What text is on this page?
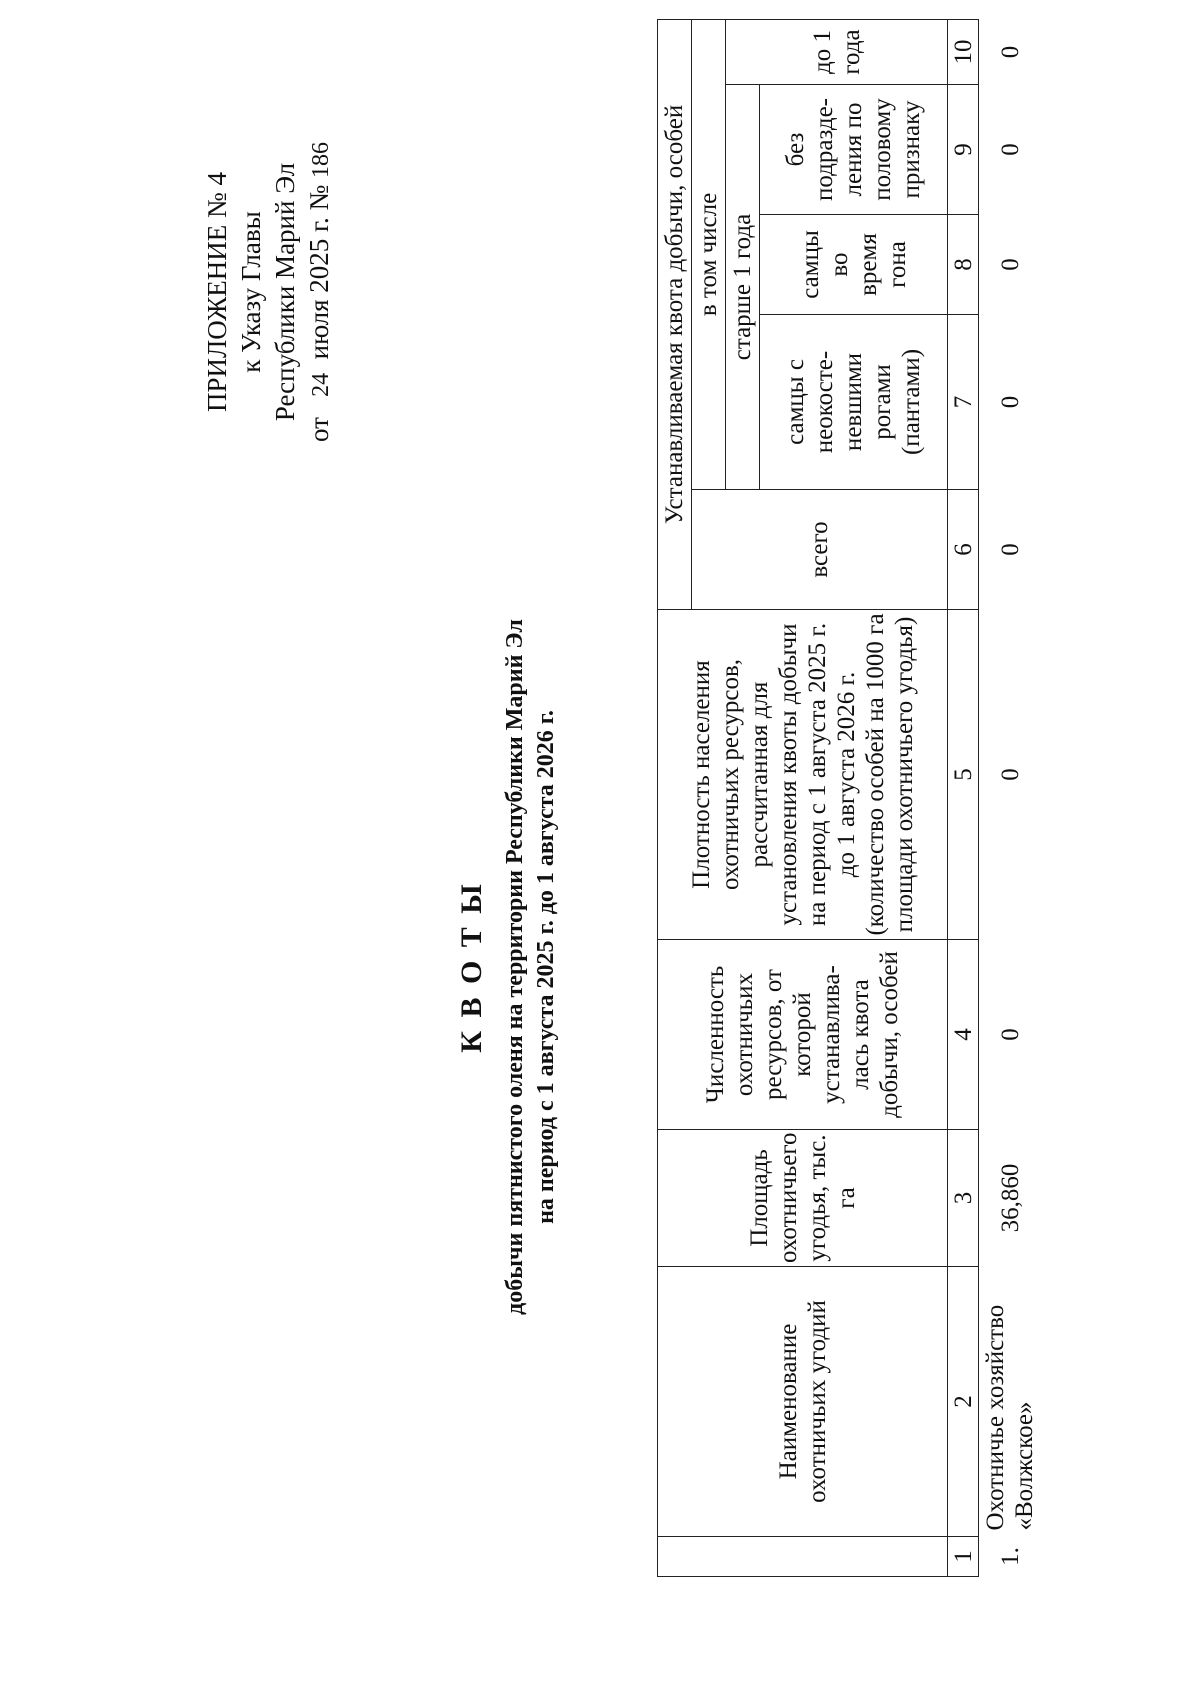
ПРИЛОЖЕНИЕ № 4 к Указу Главы Республики Марий Эл
от   24  июля 2025 г. № 186
К В О Т Ы добычи пятнистого оленя на территории Республики Марий Эл на период с 1 августа 2025 г. до 1 августа 2026 г.
	Наименование охотничьих угодий	Площадь охотничьего угодья, тыс. га	Численность охотничьих ресурсов, от которой устанавлива-лась квота добычи, особей	Плотность населения охотничьих ресурсов, рассчитанная для установления квоты добычи на период с 1 августа 2025 г. до 1 августа 2026 г. (количество особей на 1000 га площади охотничьего угодья)	Устанавливаемая квота добычи, особей				
					всего	в том числе			
						старше 1 года			до 1 года
						самцы с неокосте-невшими рогами (пантами)	самцы во время гона	без подразде-ления по половому признаку	
1	2	3	4	5	6	7	8	9	10
1.	Охотничье хозяйство «Волжское»	36,860	0	0	0	0	0	0	0
